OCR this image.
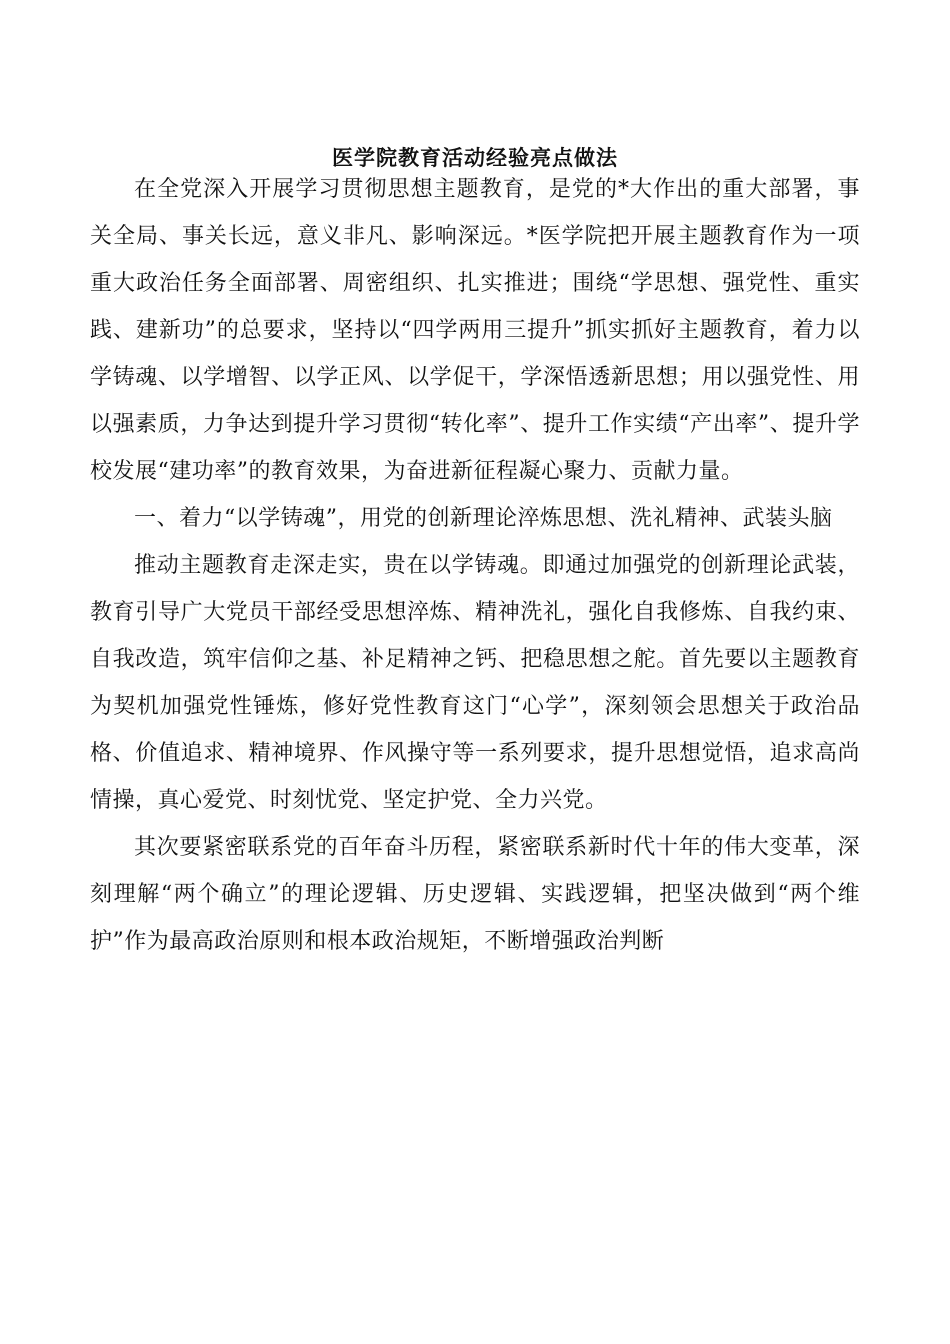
医学院教育活动经验亮点做法

在全党深入开展学习贯彻思想主题教育，是党的*大作出的重大部署，事关全局、事关长远，意义非凡、影响深远。*医学院把开展主题教育作为一项重大政治任务全面部署、周密组织、扎实推进；围绕“学思想、强党性、重实践、建新功”的总要求，坚持以“四学两用三提升”抓实抓好主题教育，着力以学铸魂、以学增智、以学正风、以学促干，学深悟透新思想；用以强党性、用以强素质，力争达到提升学习贯彻“转化率”、提升工作实绩“产出率”、提升学校发展“建功率”的教育效果，为奋进新征程凝心聚力、贡献力量。

一、着力“以学铸魂”，用党的创新理论淬炼思想、洗礼精神、武装头脑

推动主题教育走深走实，贵在以学铸魂。即通过加强党的创新理论武装，教育引导广大党员干部经受思想淬炼、精神洗礼，强化自我修炼、自我约束、自我改造，筑牢信仰之基、补足精神之钙、把稳思想之舵。首先要以主题教育为契机加强党性锤炼，修好党性教育这门“心学”，深刻领会思想关于政治品格、价值追求、精神境界、作风操守等一系列要求，提升思想觉悟，追求高尚情操，真心爱党、时刻忧党、坚定护党、全力兴党。

其次要紧密联系党的百年奋斗历程，紧密联系新时代十年的伟大变革，深刻理解“两个确立”的理论逻辑、历史逻辑、实践逻辑，把坚决做到“两个维护”作为最高政治原则和根本政治规矩，不断增强政治判断
